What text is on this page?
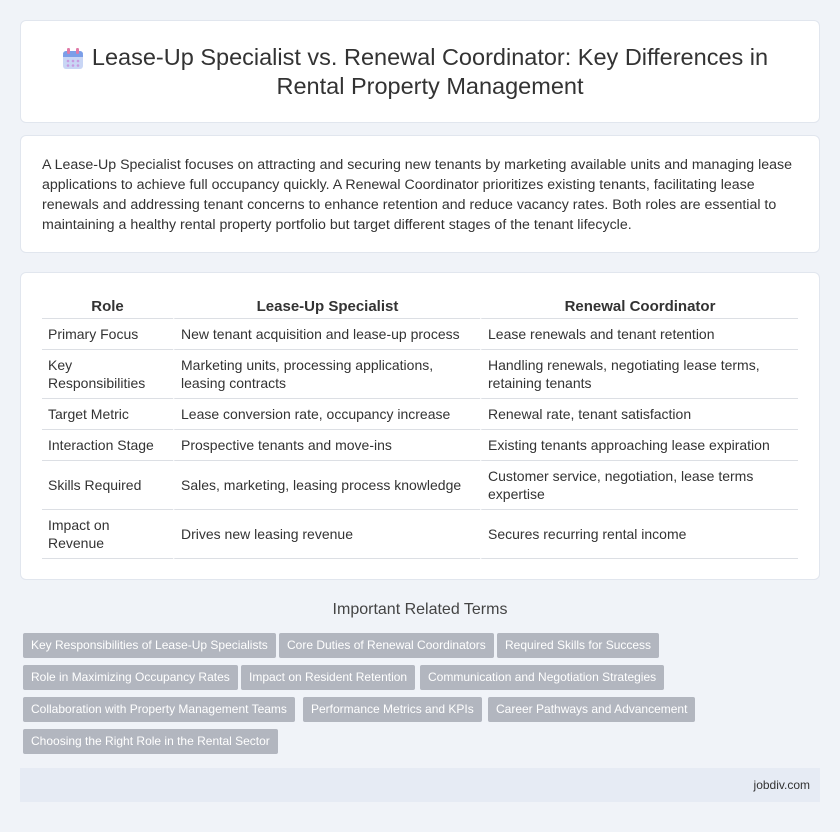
Lease-Up Specialist vs. Renewal Coordinator: Key Differences in Rental Property Management

A Lease-Up Specialist focuses on attracting and securing new tenants by marketing available units and managing lease applications to achieve full occupancy quickly. A Renewal Coordinator prioritizes existing tenants, facilitating lease renewals and addressing tenant concerns to enhance retention and reduce vacancy rates. Both roles are essential to maintaining a healthy rental property portfolio but target different stages of the tenant lifecycle.

Role	Lease-Up Specialist	Renewal Coordinator
Primary Focus	New tenant acquisition and lease-up process	Lease renewals and tenant retention
Key Responsibilities	Marketing units, processing applications, leasing contracts	Handling renewals, negotiating lease terms, retaining tenants
Target Metric	Lease conversion rate, occupancy increase	Renewal rate, tenant satisfaction
Interaction Stage	Prospective tenants and move-ins	Existing tenants approaching lease expiration
Skills Required	Sales, marketing, leasing process knowledge	Customer service, negotiation, lease terms expertise
Impact on Revenue	Drives new leasing revenue	Secures recurring rental income
Important Related Terms
Key Responsibilities of Lease-Up Specialists	Core Duties of Renewal Coordinators	Required Skills for Success
Role in Maximizing Occupancy Rates	Impact on Resident Retention	Communication and Negotiation Strategies
Collaboration with Property Management Teams	Performance Metrics and KPIs	Career Pathways and Advancement
Choosing the Right Role in the Rental Sector
jobdiv.com
